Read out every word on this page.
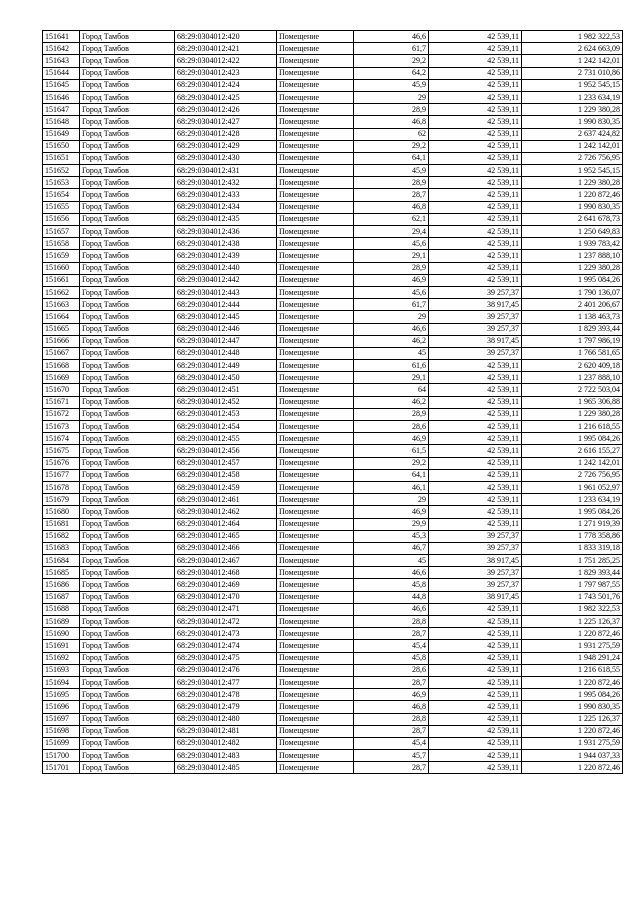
151641	Город Тамбов	68:29:0304012:420	Помещение	46,6	42 539,11	1 982 322,53
151642	Город Тамбов	68:29:0304012:421	Помещение	61,7	42 539,11	2 624 663,09
151643	Город Тамбов	68:29:0304012:422	Помещение	29,2	42 539,11	1 242 142,01
151644	Город Тамбов	68:29:0304012:423	Помещение	64,2	42 539,11	2 731 010,86
151645	Город Тамбов	68:29:0304012:424	Помещение	45,9	42 539,11	1 952 545,15
151646	Город Тамбов	68:29:0304012:425	Помещение	29	42 539,11	1 233 634,19
151647	Город Тамбов	68:29:0304012:426	Помещение	28,9	42 539,11	1 229 380,28
151648	Город Тамбов	68:29:0304012:427	Помещение	46,8	42 539,11	1 990 830,35
151649	Город Тамбов	68:29:0304012:428	Помещение	62	42 539,11	2 637 424,82
151650	Город Тамбов	68:29:0304012:429	Помещение	29,2	42 539,11	1 242 142,01
151651	Город Тамбов	68:29:0304012:430	Помещение	64,1	42 539,11	2 726 756,95
151652	Город Тамбов	68:29:0304012:431	Помещение	45,9	42 539,11	1 952 545,15
151653	Город Тамбов	68:29:0304012:432	Помещение	28,9	42 539,11	1 229 380,28
151654	Город Тамбов	68:29:0304012:433	Помещение	28,7	42 539,11	1 220 872,46
151655	Город Тамбов	68:29:0304012:434	Помещение	46,8	42 539,11	1 990 830,35
151656	Город Тамбов	68:29:0304012:435	Помещение	62,1	42 539,11	2 641 678,73
151657	Город Тамбов	68:29:0304012:436	Помещение	29,4	42 539,11	1 250 649,83
151658	Город Тамбов	68:29:0304012:438	Помещение	45,6	42 539,11	1 939 783,42
151659	Город Тамбов	68:29:0304012:439	Помещение	29,1	42 539,11	1 237 888,10
151660	Город Тамбов	68:29:0304012:440	Помещение	28,9	42 539,11	1 229 380,28
151661	Город Тамбов	68:29:0304012:442	Помещение	46,9	42 539,11	1 995 084,26
151662	Город Тамбов	68:29:0304012:443	Помещение	45,6	39 257,37	1 790 136,07
151663	Город Тамбов	68:29:0304012:444	Помещение	61,7	38 917,45	2 401 206,67
151664	Город Тамбов	68:29:0304012:445	Помещение	29	39 257,37	1 138 463,73
151665	Город Тамбов	68:29:0304012:446	Помещение	46,6	39 257,37	1 829 393,44
151666	Город Тамбов	68:29:0304012:447	Помещение	46,2	38 917,45	1 797 986,19
151667	Город Тамбов	68:29:0304012:448	Помещение	45	39 257,37	1 766 581,65
151668	Город Тамбов	68:29:0304012:449	Помещение	61,6	42 539,11	2 620 409,18
151669	Город Тамбов	68:29:0304012:450	Помещение	29,1	42 539,11	1 237 888,10
151670	Город Тамбов	68:29:0304012:451	Помещение	64	42 539,11	2 722 503,04
151671	Город Тамбов	68:29:0304012:452	Помещение	46,2	42 539,11	1 965 306,88
151672	Город Тамбов	68:29:0304012:453	Помещение	28,9	42 539,11	1 229 380,28
151673	Город Тамбов	68:29:0304012:454	Помещение	28,6	42 539,11	1 216 618,55
151674	Город Тамбов	68:29:0304012:455	Помещение	46,9	42 539,11	1 995 084,26
151675	Город Тамбов	68:29:0304012:456	Помещение	61,5	42 539,11	2 616 155,27
151676	Город Тамбов	68:29:0304012:457	Помещение	29,2	42 539,11	1 242 142,01
151677	Город Тамбов	68:29:0304012:458	Помещение	64,1	42 539,11	2 726 756,95
151678	Город Тамбов	68:29:0304012:459	Помещение	46,1	42 539,11	1 961 052,97
151679	Город Тамбов	68:29:0304012:461	Помещение	29	42 539,11	1 233 634,19
151680	Город Тамбов	68:29:0304012:462	Помещение	46,9	42 539,11	1 995 084,26
151681	Город Тамбов	68:29:0304012:464	Помещение	29,9	42 539,11	1 271 919,39
151682	Город Тамбов	68:29:0304012:465	Помещение	45,3	39 257,37	1 778 358,86
151683	Город Тамбов	68:29:0304012:466	Помещение	46,7	39 257,37	1 833 319,18
151684	Город Тамбов	68:29:0304012:467	Помещение	45	38 917,45	1 751 285,25
151685	Город Тамбов	68:29:0304012:468	Помещение	46,6	39 257,37	1 829 393,44
151686	Город Тамбов	68:29:0304012:469	Помещение	45,8	39 257,37	1 797 987,55
151687	Город Тамбов	68:29:0304012:470	Помещение	44,8	38 917,45	1 743 501,76
151688	Город Тамбов	68:29:0304012:471	Помещение	46,6	42 539,11	1 982 322,53
151689	Город Тамбов	68:29:0304012:472	Помещение	28,8	42 539,11	1 225 126,37
151690	Город Тамбов	68:29:0304012:473	Помещение	28,7	42 539,11	1 220 872,46
151691	Город Тамбов	68:29:0304012:474	Помещение	45,4	42 539,11	1 931 275,59
151692	Город Тамбов	68:29:0304012:475	Помещение	45,8	42 539,11	1 948 291,24
151693	Город Тамбов	68:29:0304012:476	Помещение	28,6	42 539,11	1 216 618,55
151694	Город Тамбов	68:29:0304012:477	Помещение	28,7	42 539,11	1 220 872,46
151695	Город Тамбов	68:29:0304012:478	Помещение	46,9	42 539,11	1 995 084,26
151696	Город Тамбов	68:29:0304012:479	Помещение	46,8	42 539,11	1 990 830,35
151697	Город Тамбов	68:29:0304012:480	Помещение	28,8	42 539,11	1 225 126,37
151698	Город Тамбов	68:29:0304012:481	Помещение	28,7	42 539,11	1 220 872,46
151699	Город Тамбов	68:29:0304012:482	Помещение	45,4	42 539,11	1 931 275,59
151700	Город Тамбов	68:29:0304012:483	Помещение	45,7	42 539,11	1 944 037,33
151701	Город Тамбов	68:29:0304012:485	Помещение	28,7	42 539,11	1 220 872,46
